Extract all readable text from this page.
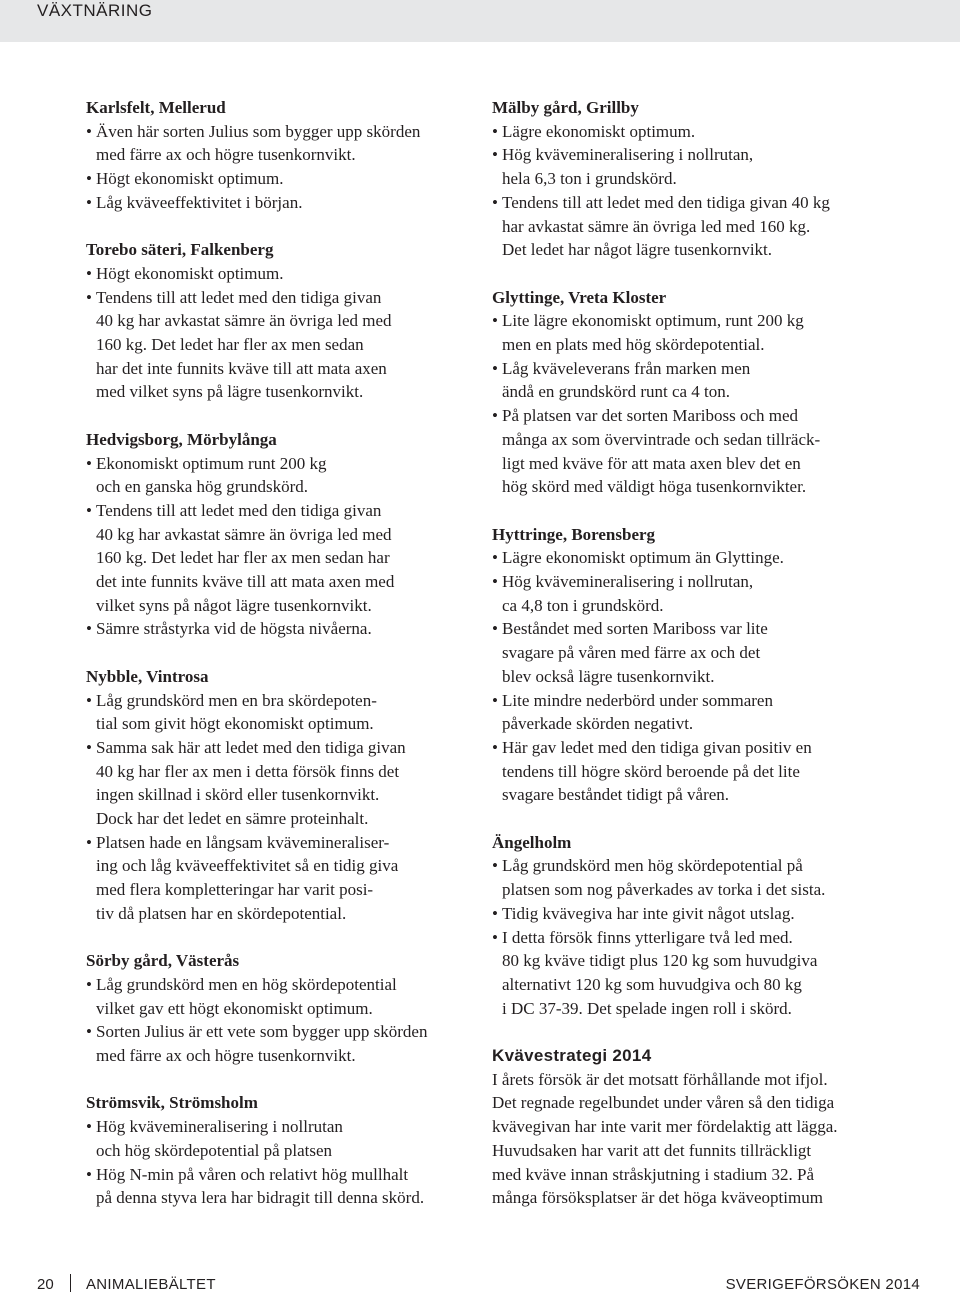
VÄXTNÄRING
Karlsfelt, Mellerud
• Även här sorten Julius som bygger upp skörden
med färre ax och högre tusenkornvikt.
• Högt ekonomiskt optimum.
• Låg kväveeffektivitet i början.
Torebo säteri, Falkenberg
• Högt ekonomiskt optimum.
• Tendens till att ledet med den tidiga givan
40 kg har avkastat sämre än övriga led med
160 kg. Det ledet har fler ax men sedan
har det inte funnits kväve till att mata axen
med vilket syns på lägre tusenkornvikt.
Hedvigsborg, Mörbylånga
• Ekonomiskt optimum runt 200 kg
och en ganska hög grundskörd.
• Tendens till att ledet med den tidiga givan
40 kg har avkastat sämre än övriga led med
160 kg. Det ledet har fler ax men sedan har
det inte funnits kväve till att mata axen med
vilket syns på något lägre tusenkornvikt.
• Sämre stråstyrka vid de högsta nivåerna.
Nybble, Vintrosa
• Låg grundskörd men en bra skördepoten-
tial som givit högt ekonomiskt optimum.
• Samma sak här att ledet med den tidiga givan
40 kg har fler ax men i detta försök finns det
ingen skillnad i skörd eller tusenkornvikt.
Dock har det ledet en sämre proteinhalt.
• Platsen hade en långsam kvävemineraliser-
ing och låg kväveeffektivitet så en tidig giva
med flera kompletteringar har varit posi-
tiv då platsen har en skördepotential.
Sörby gård, Västerås
• Låg grundskörd men en hög skördepotential
vilket gav ett högt ekonomiskt optimum.
• Sorten Julius är ett vete som bygger upp skörden
med färre ax och högre tusenkornvikt.
Strömsvik, Strömsholm
• Hög kvävemineralisering i nollrutan
och hög skördepotential på platsen
• Hög N-min på våren och relativt hög mullhalt
på denna styva lera har bidragit till denna skörd.
Mälby gård, Grillby
• Lägre ekonomiskt optimum.
• Hög kvävemineralisering i nollrutan,
hela 6,3 ton i grundskörd.
• Tendens till att ledet med den tidiga givan 40 kg
har avkastat sämre än övriga led med 160 kg.
Det ledet har något lägre tusenkornvikt.
Glyttinge, Vreta Kloster
• Lite lägre ekonomiskt optimum, runt 200 kg
men en plats med hög skördepotential.
• Låg kväveleverans från marken men
ändå en grundskörd runt ca 4 ton.
• På platsen var det sorten Mariboss och med
många ax som övervintrade och sedan tillräck-
ligt med kväve för att mata axen blev det en
hög skörd med väldigt höga tusenkornvikter.
Hyttringe, Borensberg
• Lägre ekonomiskt optimum än Glyttinge.
• Hög kvävemineralisering i nollrutan,
ca 4,8 ton i grundskörd.
• Beståndet med sorten Mariboss var lite
svagare på våren med färre ax och det
blev också lägre tusenkornvikt.
• Lite mindre nederbörd under sommaren
påverkade skörden negativt.
• Här gav ledet med den tidiga givan positiv en
tendens till högre skörd beroende på det lite
svagare beståndet tidigt på våren.
Ängelholm
• Låg grundskörd men hög skördepotential på
platsen som nog påverkades av torka i det sista.
• Tidig kvävegiva har inte givit något utslag.
• I detta försök finns ytterligare två led med.
80 kg kväve tidigt plus 120 kg som huvudgiva
alternativt 120 kg som huvudgiva och 80 kg
i DC 37-39. Det spelade ingen roll i skörd.
Kvävestrategi 2014
I årets försök är det motsatt förhållande mot ifjol.
Det regnade regelbundet under våren så den tidiga
kvävegivan har inte varit mer fördelaktig att lägga.
Huvudsaken har varit att det funnits tillräckligt
med kväve innan stråskjutning i stadium 32. På
många försöksplatser är det höga kväveoptimum
20 ANIMALIEBÄLTET	SVERIGEFÖRSÖKEN 2014
